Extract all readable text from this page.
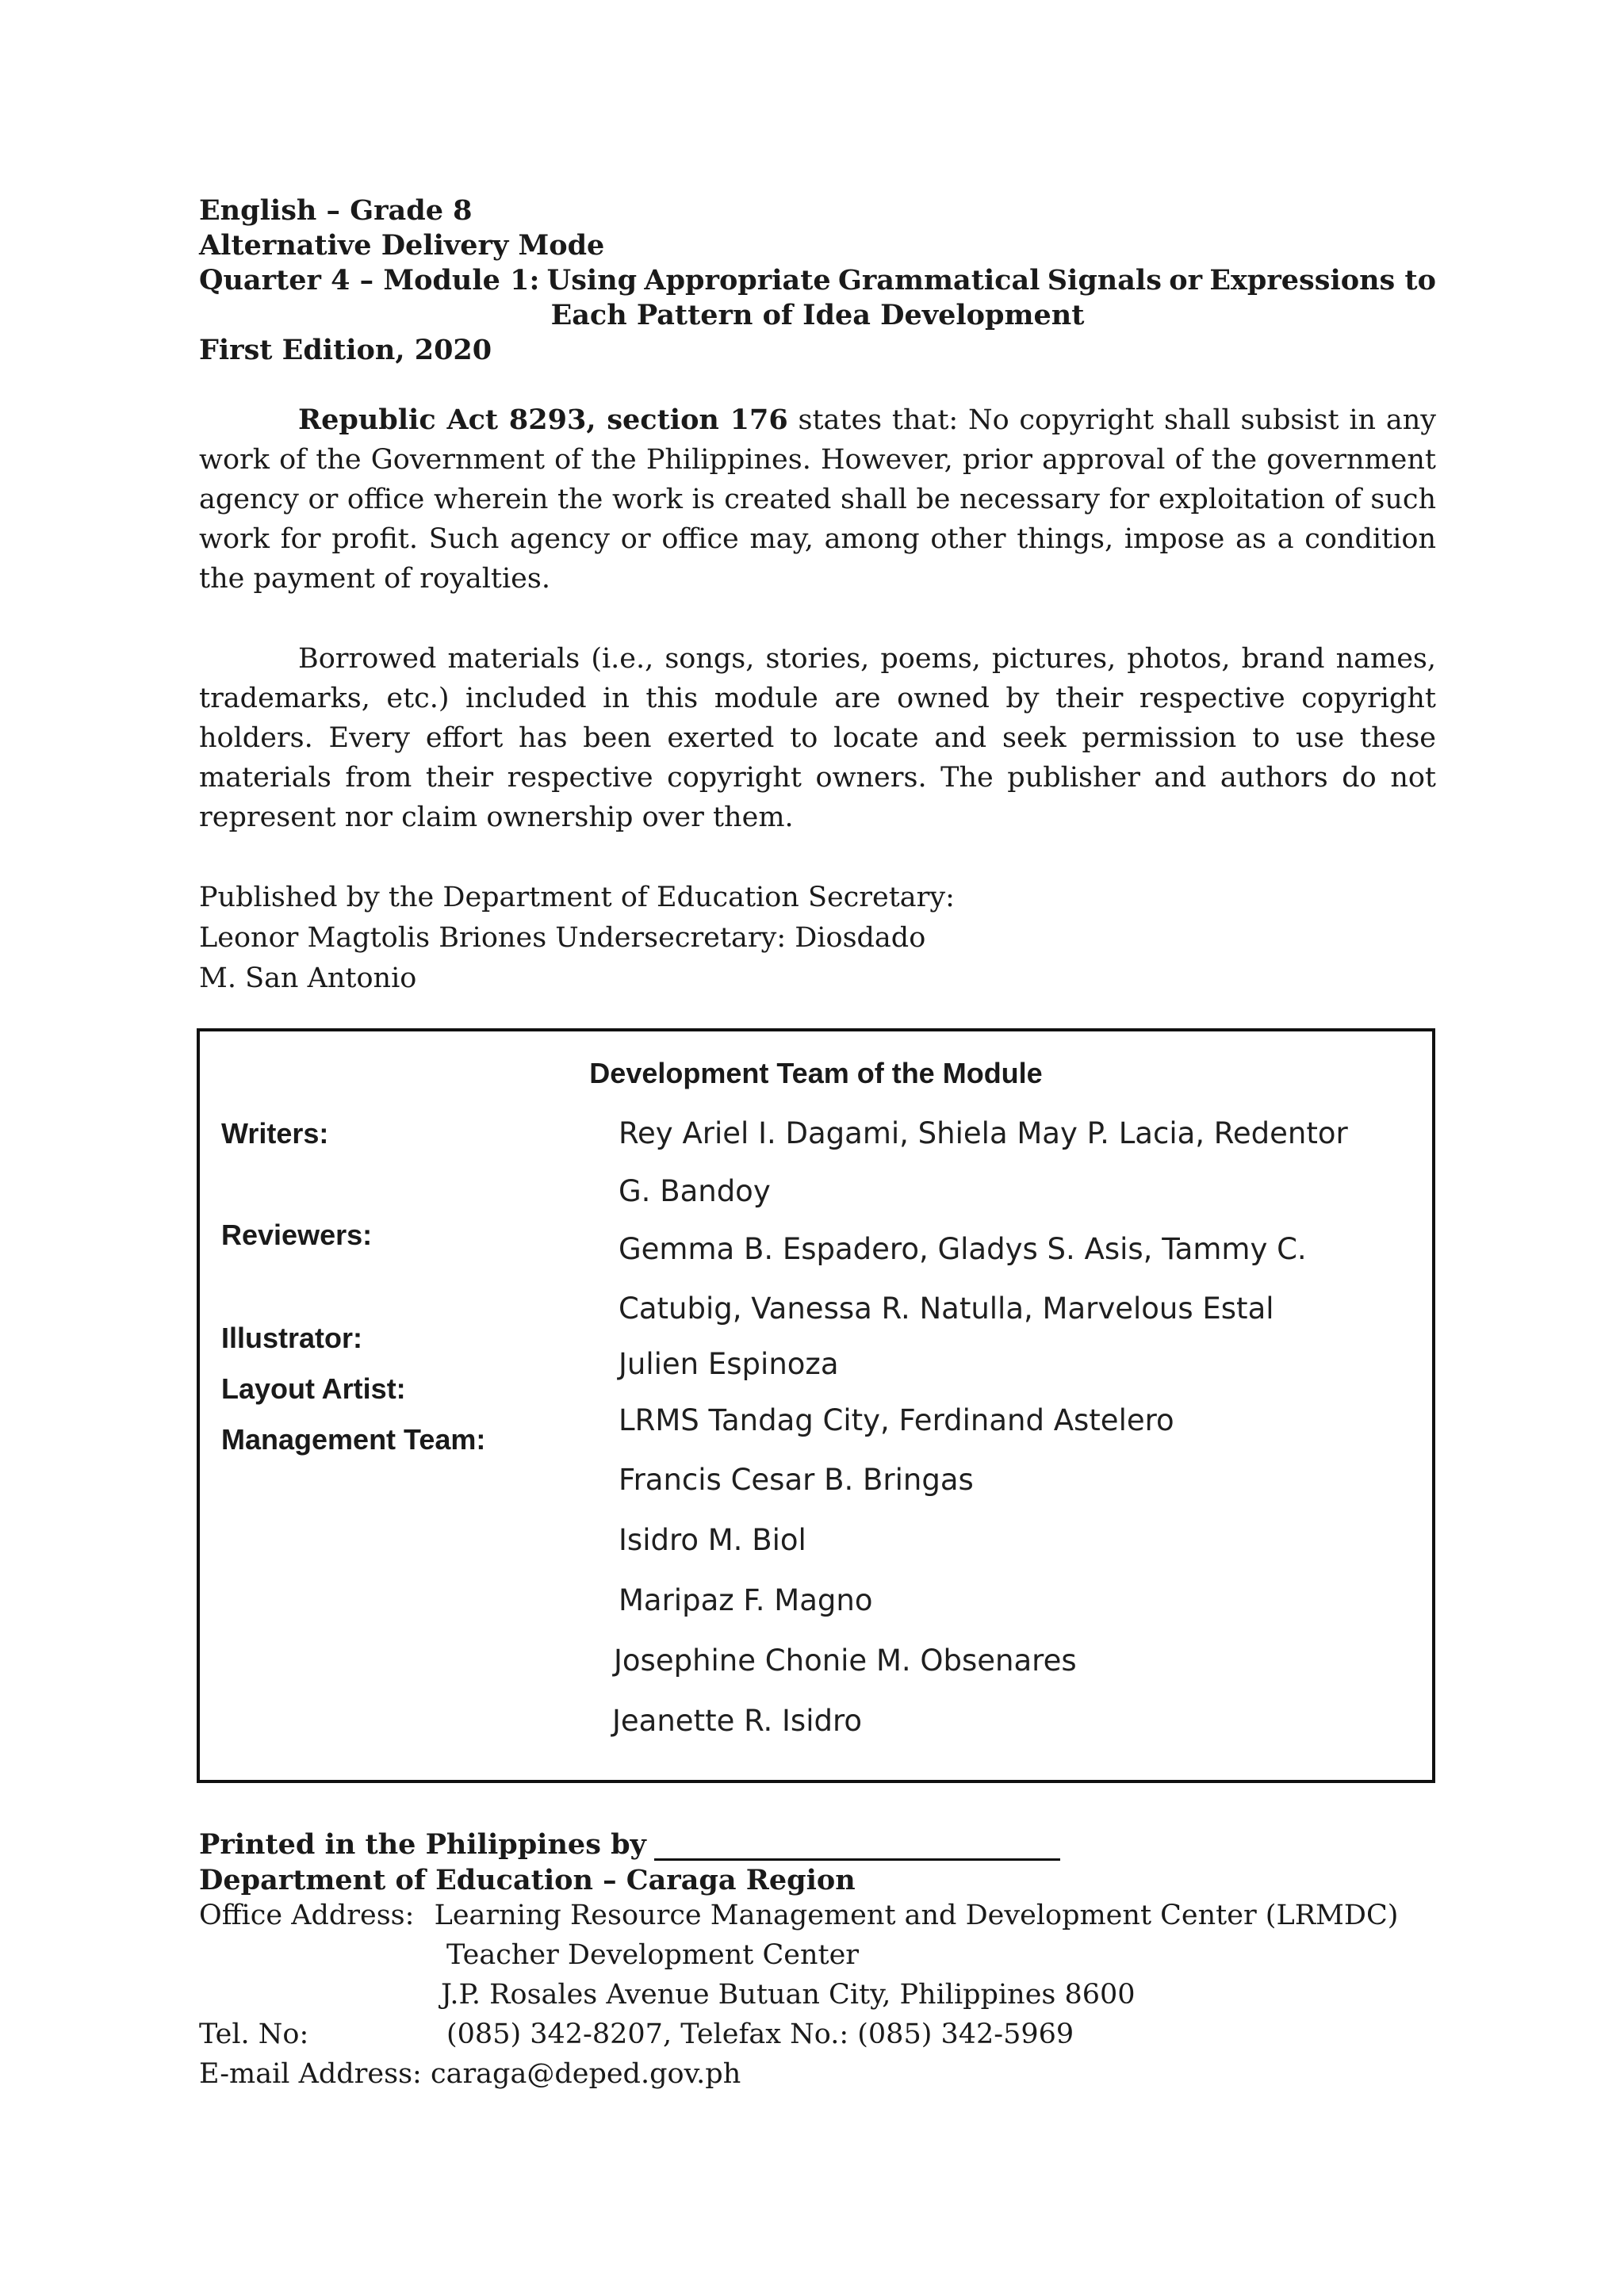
English – Grade 8
Alternative Delivery Mode
Quarter 4 – Module 1: Using Appropriate Grammatical Signals or Expressions to
Each Pattern of Idea Development
First Edition, 2020
Republic Act 8293, section 176 states that: No copyright shall subsist in any work of the Government of the Philippines. However, prior approval of the government agency or office wherein the work is created shall be necessary for exploitation of such work for profit. Such agency or office may, among other things, impose as a condition the payment of royalties.
Borrowed materials (i.e., songs, stories, poems, pictures, photos, brand names, trademarks, etc.) included in this module are owned by their respective copyright holders. Every effort has been exerted to locate and seek permission to use these materials from their respective copyright owners. The publisher and authors do not represent nor claim ownership over them.
Published by the Department of Education Secretary:
Leonor Magtolis Briones Undersecretary: Diosdado
M. San Antonio
Development Team of the Module
Writers:
Reviewers:
Illustrator:
Layout Artist:
Management Team:
Rey Ariel I. Dagami, Shiela May P. Lacia, Redentor
G. Bandoy
Gemma B. Espadero, Gladys S. Asis, Tammy C.
Catubig, Vanessa R. Natulla, Marvelous Estal
Julien Espinoza
LRMS Tandag City, Ferdinand Astelero
Francis Cesar B. Bringas
Isidro M. Biol
Maripaz F. Magno
Josephine Chonie M. Obsenares
Jeanette R. Isidro
Printed in the Philippines by
Department of Education – Caraga Region
Office Address: Learning Resource Management and Development Center (LRMDC)
Teacher Development Center
J.P. Rosales Avenue Butuan City, Philippines 8600
Tel. No:	(085) 342-8207, Telefax No.: (085) 342-5969
E-mail Address: caraga@deped.gov.ph
